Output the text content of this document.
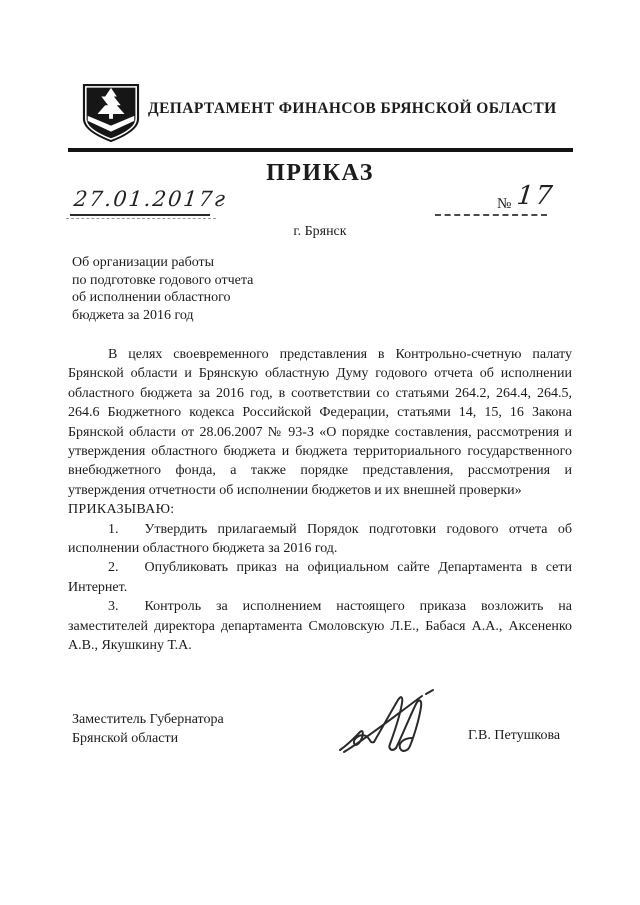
ДЕПАРТАМЕНТ ФИНАНСОВ БРЯНСКОЙ ОБЛАСТИ
ПРИКАЗ
27.01.2017г	№ 17
г. Брянск
Об организации работы
по подготовке годового отчета
об исполнении областного
бюджета за 2016 год

В целях своевременного представления в Контрольно-счетную палату Брянской области и Брянскую областную Думу годового отчета об исполнении областного бюджета за 2016 год, в соответствии со статьями 264.2, 264.4, 264.5, 264.6 Бюджетного кодекса Российской Федерации, статьями 14, 15, 16 Закона Брянской области от 28.06.2007 № 93-З «О порядке составления, рассмотрения и утверждения областного бюджета и бюджета территориального государственного внебюджетного фонда, а также порядке представления, рассмотрения и утверждения отчетности об исполнении бюджетов и их внешней проверки»

ПРИКАЗЫВАЮ:

1. Утвердить прилагаемый Порядок подготовки годового отчета об исполнении областного бюджета за 2016 год.

2. Опубликовать приказ на официальном сайте Департамента в сети Интернет.

3. Контроль за исполнением настоящего приказа возложить на заместителей директора департамента Смоловскую Л.Е., Бабася А.А., Аксененко А.В., Якушкину Т.А.

Заместитель Губернатора
Брянской области	Г.В. Петушкова
